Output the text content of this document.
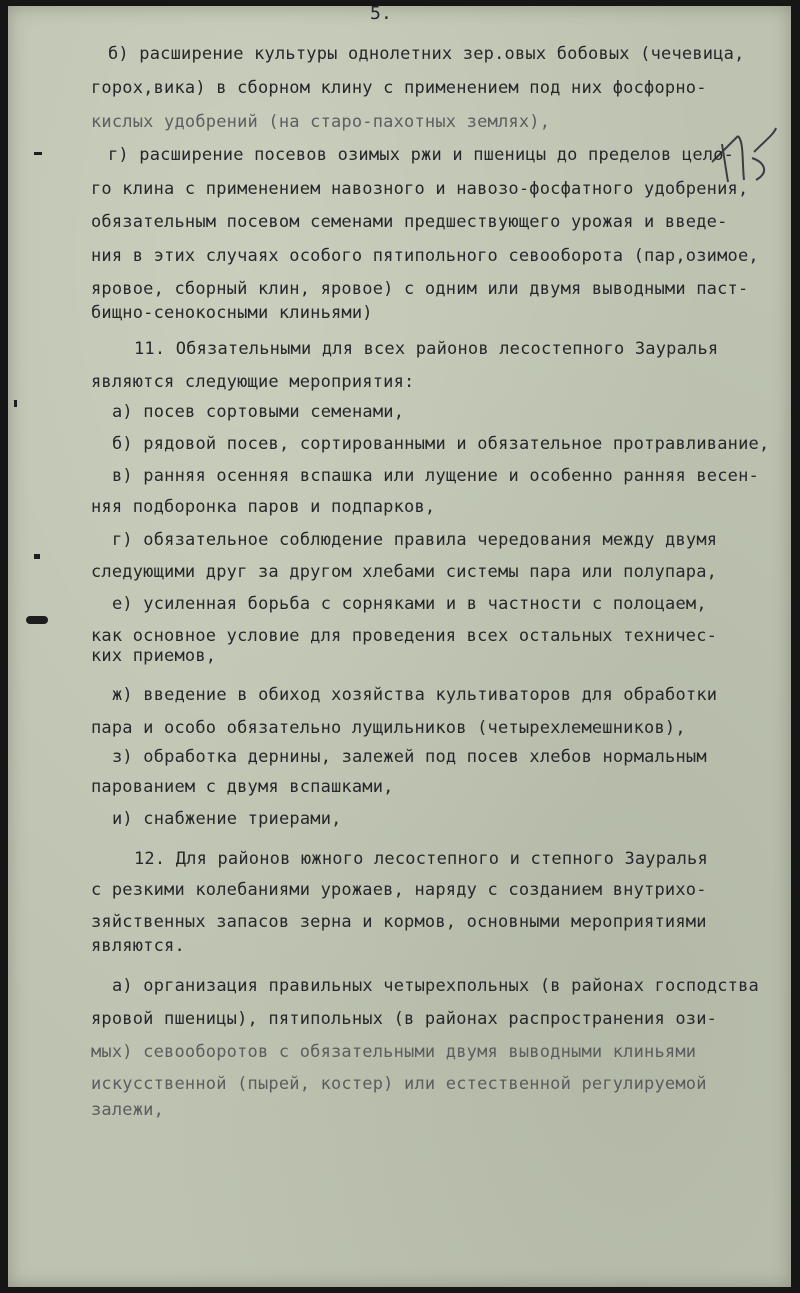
5.
б) расширение культуры однолетних зер.овых бобовых (чечевица,
горох,вика) в сборном клину с применением под них фосфорно-
кислых удобрений (на старо-пахотных землях),
г) расширение посевов озимых ржи и пшеницы до пределов цело-
го клина с применением навозного и навозо-фосфатного удобрения,
обязательным посевом семенами предшествующего урожая и введе-
ния в этих случаях особого пятипольного севооборота (пар,озимое,
яровое, сборный клин, яровое) с одним или двумя выводными паст-
бищно-сенокосными клиньями)
11. Обязательными для всех районов лесостепного Зауралья
являются следующие мероприятия:
а) посев сортовыми семенами,
б) рядовой посев, сортированными и обязательное протравливание,
в) ранняя осенняя вспашка или лущение и особенно ранняя весен-
няя подборонка паров и подпарков,
г) обязательное соблюдение правила чередования между двумя
следующими друг за другом хлебами системы пара или полупара,
е) усиленная борьба с сорняками и в частности с полоцаем,
как основное условие для проведения всех остальных техничес-
ких приемов,
ж) введение в обиход хозяйства культиваторов для обработки
пара и особо обязательно лущильников (четырехлемешников),
з) обработка дернины, залежей под посев хлебов нормальным
парованием с двумя вспашками,
и) снабжение триерами,
12. Для районов южного лесостепного и степного Зауралья
с резкими колебаниями урожаев, наряду с созданием внутрихо-
зяйственных запасов зерна и кормов, основными мероприятиями
являются.
а) организация правильных четырехпольных (в районах господства
яровой пшеницы), пятипольных (в районах распространения ози-
мых) севооборотов с обязательными двумя выводными клиньями
искусственной (пырей, костер) или естественной регулируемой
залежи,
